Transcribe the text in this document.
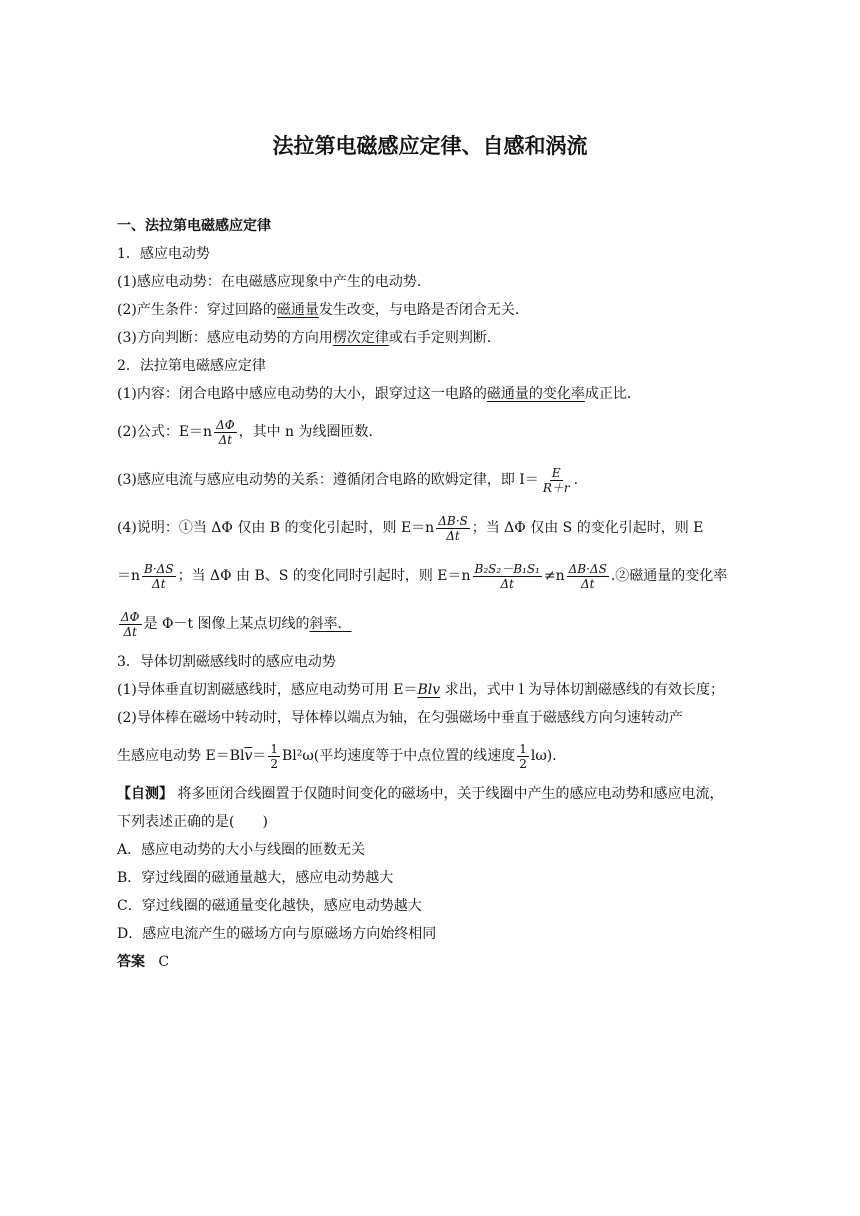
法拉第电磁感应定律、自感和涡流
一、法拉第电磁感应定律
1．感应电动势
(1)感应电动势：在电磁感应现象中产生的电动势．
(2)产生条件：穿过回路的 磁通量 发生改变，与电路是否闭合无关．
(3)方向判断：感应电动势的方向用 楞次定律 或右手定则判断．
2．法拉第电磁感应定律
(1)内容：闭合电路中感应电动势的大小，跟穿过这一电路的 磁通量的变化率 成正比．
(2)公式：$E=n \frac{\Delta\Phi}{\Delta t}$ ，其中 n 为线圈匝数．
(3)感应电流与感应电动势的关系：遵循闭合电路的欧姆定律，即 $I= \frac{E}{R+r}$ .
(4)说明：①当 ΔΦ 仅由 B 的变化引起时，则 $E=n \frac{\Delta B\cdot S}{\Delta t}$ ；当 ΔΦ 仅由 S 的变化引起时，则 E
$=n \frac{B\cdot\Delta S}{\Delta t}$ ；当 ΔΦ 由 B、S 的变化同时引起时，则 $E=n \frac{\text{B₂S₂－B₁S₁}}{\Delta t} \ne n \frac{\Delta B\cdot\Delta S}{\Delta t}$ .②磁通量的变化率
$\frac{\Delta\Phi}{\Delta t}$ 是 Φ－t 图像上某点切线的 斜率．
3．导体切割磁感线时的感应电动势
(1)导体垂直切割磁感线时，感应电动势可用 E＝Blv 求出，式中 l 为导体切割磁感线的有效长度；
(2)导体棒在磁场中转动时，导体棒以端点为轴，在匀强磁场中垂直于磁感线方向匀速转动产
生感应电动势 E＝Bl $\overline{v} = \frac{1}{2} Bl^2\omega$(平均速度等于中点位置的线速度 $\frac{1}{2} l\omega$)．
【自测】 将多匝闭合线圈置于仅随时间变化的磁场中，关于线圈中产生的感应电动势和感应电流，下列表述正确的是(　　)
A．感应电动势的大小与线圈的匝数无关
B．穿过线圈的磁通量越大，感应电动势越大
C．穿过线圈的磁通量变化越快，感应电动势越大
D．感应电流产生的磁场方向与原磁场方向始终相同
答案
C
